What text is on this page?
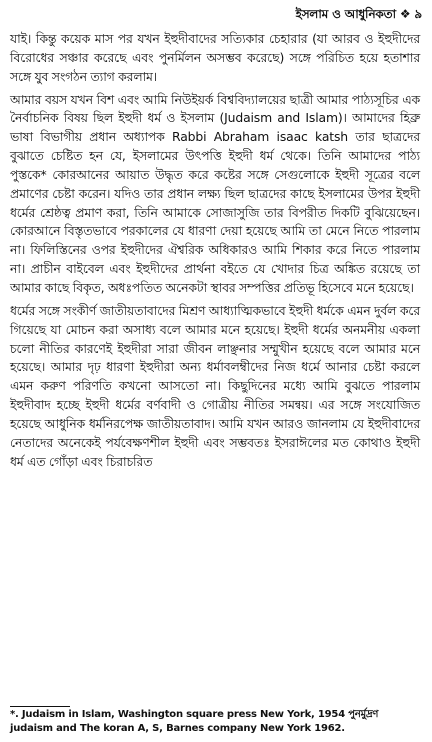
ইসলাম ও আধুনিকতা ❖ ৯

যাই। কিন্তু কয়েক মাস পর যখন ইহুদীবাদের সত্যিকার চেহারার (যা আরব ও ইহুদীদের বিরোধের সঞ্চার করেছে এবং পুনর্মিলন অসম্ভব করেছে) সঙ্গে পরিচিত হয়ে হতাশার সঙ্গে যুব সংগঠন ত্যাগ করলাম।

আমার বয়স যখন বিশ এবং আমি নিউইয়র্ক বিশ্ববিদ্যালয়ের ছাত্রী আমার পাঠ্যসূচির এক নৈর্বাচনিক বিষয় ছিল ইহুদী ধর্ম ও ইসলাম (Judaism and Islam)। আমাদের হিব্রু ভাষা বিভাগীয় প্রধান অধ্যাপক Rabbi Abraham isaac katsh তার ছাত্রদের বুঝাতে চেষ্টিত হন যে, ইসলামের উৎপত্তি ইহুদী ধর্ম থেকে। তিনি আমাদের পাঠ্য পুস্তকে* কোরআনের আয়াত উদ্ধৃত করে কষ্টের সঙ্গে সেগুলোকে ইহুদী সূত্রের বলে প্রমাণের চেষ্টা করেন। যদিও তার প্রধান লক্ষ্য ছিল ছাত্রদের কাছে ইসলামের উপর ইহুদী ধর্মের শ্রেষ্ঠত্ব প্রমাণ করা, তিনি আমাকে সোজাসুজি তার বিপরীত দিকটি বুঝিয়েছেন। কোরআনে বিস্তৃতভাবে পরকালের যে ধারণা দেয়া হয়েছে আমি তা মেনে নিতে পারলাম না। ফিলিস্তিনের ওপর ইহুদীদের ঐশ্বরিক অধিকারও আমি শিকার করে নিতে পারলাম না। প্রাচীন বাইবেল এবং ইহুদীদের প্রার্থনা বইতে যে খোদার চিত্র অঙ্কিত রয়েছে তা আমার কাছে বিকৃত, অধঃপতিত অনেকটা স্থাবর সম্পত্তির প্রতিভূ হিসেবে মনে হয়েছে।

ধর্মের সঙ্গে সংকীর্ণ জাতীয়তাবাদের মিশ্রণ আধ্যাত্মিকভাবে ইহুদী ধর্মকে এমন দুর্বল করে গিয়েছে যা মোচন করা অসাধ্য বলে আমার মনে হয়েছে। ইহুদী ধর্মের অনমনীয় একলা চলো নীতির কারণেই ইহুদীরা সারা জীবন লাঞ্ছনার সম্মুখীন হয়েছে বলে আমার মনে হয়েছে। আমার দৃঢ় ধারণা ইহুদীরা অন্য ধর্মাবলম্বীদের নিজ ধর্মে আনার চেষ্টা করলে এমন করুণ পরিণতি কখনো আসতো না। কিছুদিনের মধ্যে আমি বুঝতে পারলাম ইহুদীবাদ হচ্ছে ইহুদী ধর্মের বর্ণবাদী ও গোত্রীয় নীতির সমন্বয়। এর সঙ্গে সংযোজিত হয়েছে আধুনিক ধর্মনিরপেক্ষ জাতীয়তাবাদ। আমি যখন আরও জানলাম যে ইহুদীবাদের নেতাদের অনেকেই পর্যবেক্ষণশীল ইহুদী এবং সম্ভবতঃ ইসরাঈলের মত কোথাও ইহুদী ধর্ম এত গোঁড়া এবং চিরাচরিত

*. Judaism in Islam, Washington square press New York, 1954 পুনর্মুদ্রণ judaism and The koran A, S, Barnes company New York 1962.
